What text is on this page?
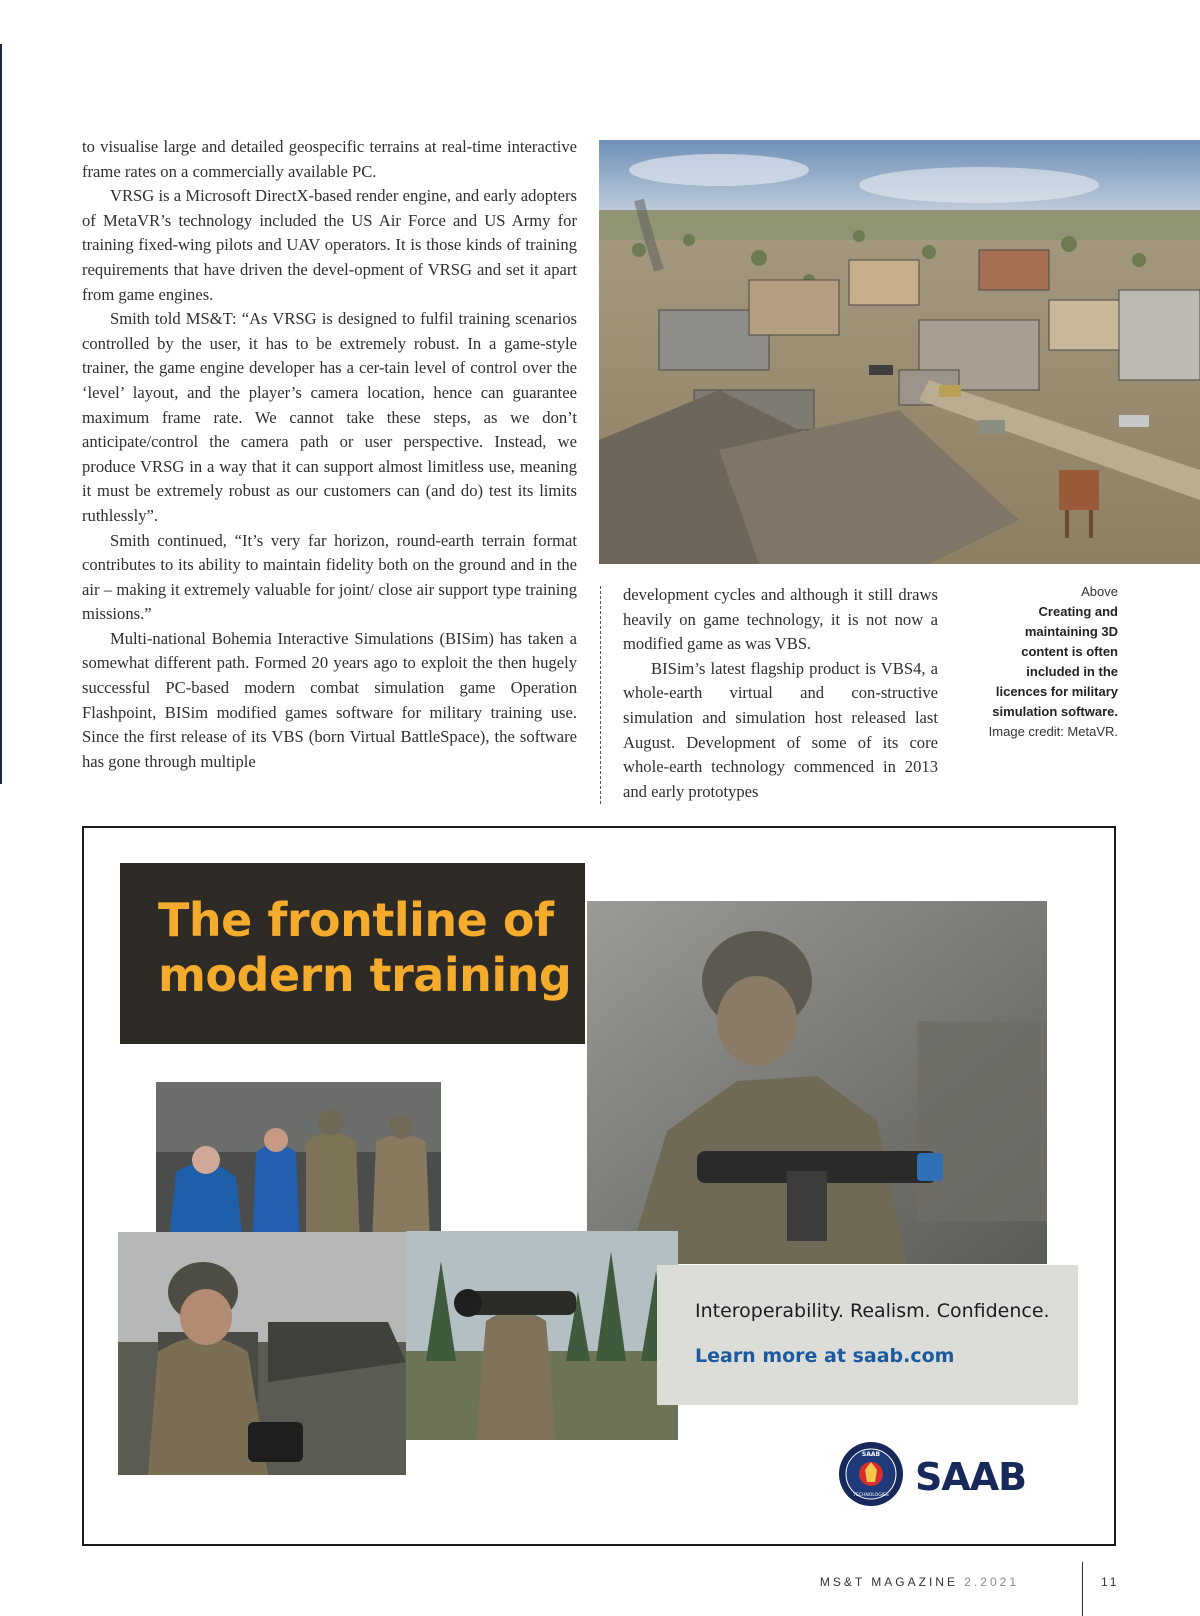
to visualise large and detailed geospecific terrains at real-time interactive frame rates on a commercially available PC.

VRSG is a Microsoft DirectX-based render engine, and early adopters of MetaVR’s technology included the US Air Force and US Army for training fixed-wing pilots and UAV operators. It is those kinds of training requirements that have driven the devel-opment of VRSG and set it apart from game engines.

Smith told MS&T: “As VRSG is designed to fulfil training scenarios controlled by the user, it has to be extremely robust. In a game-style trainer, the game engine developer has a cer-tain level of control over the ‘level’ layout, and the player’s camera location, hence can guarantee maximum frame rate. We cannot take these steps, as we don’t anticipate/control the camera path or user perspective. Instead, we produce VRSG in a way that it can support almost limitless use, meaning it must be extremely robust as our customers can (and do) test its limits ruthlessly”.

Smith continued, “It’s very far horizon, round-earth terrain format contributes to its ability to maintain fidelity both on the ground and in the air – making it extremely valuable for joint/ close air support type training missions.”

Multi-national Bohemia Interactive Simulations (BISim) has taken a somewhat different path. Formed 20 years ago to exploit the then hugely successful PC-based modern combat simulation game Operation Flashpoint, BISim modified games software for military training use. Since the first release of its VBS (born Virtual BattleSpace), the software has gone through multiple

development cycles and although it still draws heavily on game technology, it is not now a modified game as was VBS.

BISim’s latest flagship product is VBS4, a whole-earth virtual and con-structive simulation and simulation host released last August. Development of some of its core whole-earth technology commenced in 2013 and early prototypes

Above
Creating and maintaining 3D content is often included in the licences for military simulation software.
Image credit: MetaVR.

The frontline of modern training

Interoperability. Realism. Confidence.

Learn more at saab.com

SAAB
TECHNOLOGIES SAAB
MS&T MAGAZINE 2.2021	11
